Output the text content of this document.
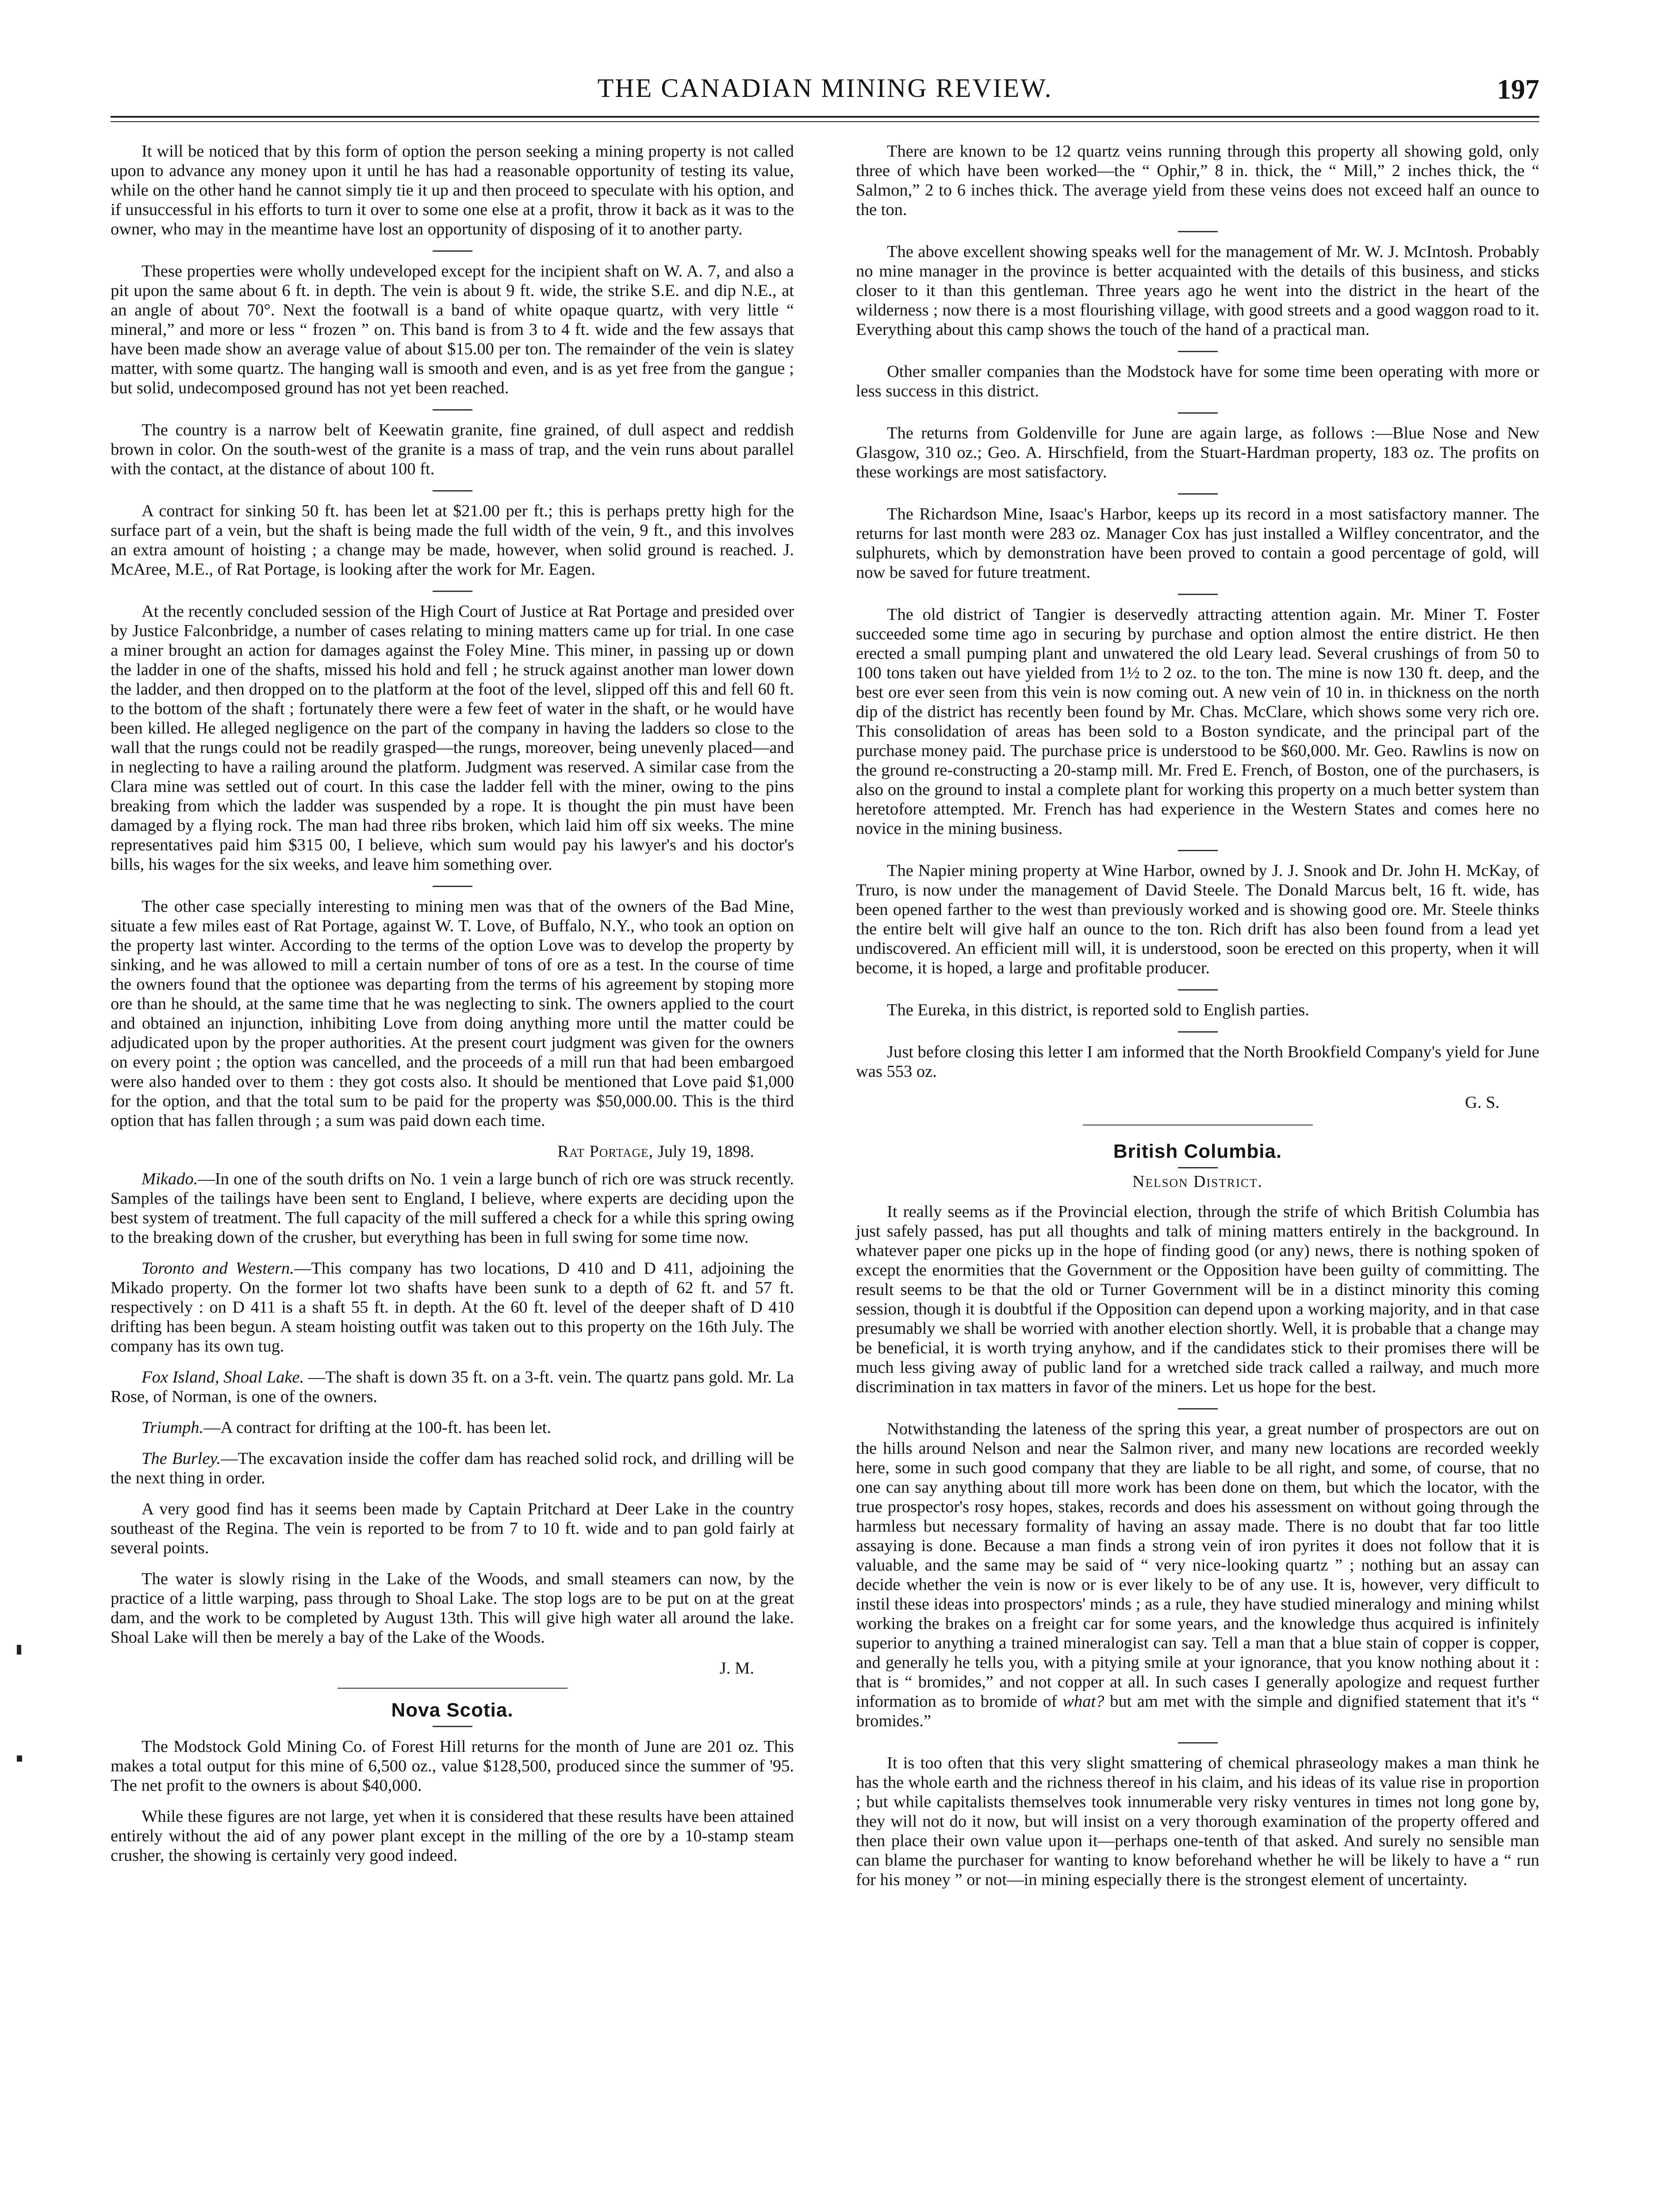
THE CANADIAN MINING REVIEW.	197

It will be noticed that by this form of option the person seeking a mining property is not called upon to advance any money upon it until he has had a reasonable opportunity of testing its value, while on the other hand he cannot simply tie it up and then proceed to speculate with his option, and if unsuccessful in his efforts to turn it over to some one else at a profit, throw it back as it was to the owner, who may in the meantime have lost an opportunity of disposing of it to another party.

These properties were wholly undeveloped except for the incipient shaft on W. A. 7, and also a pit upon the same about 6 ft. in depth. The vein is about 9 ft. wide, the strike S.E. and dip N.E., at an angle of about 70°. Next the footwall is a band of white opaque quartz, with very little “ mineral,” and more or less “ frozen ” on. This band is from 3 to 4 ft. wide and the few assays that have been made show an average value of about $15.00 per ton. The remainder of the vein is slatey matter, with some quartz. The hanging wall is smooth and even, and is as yet free from the gangue ; but solid, undecomposed ground has not yet been reached.

The country is a narrow belt of Keewatin granite, fine grained, of dull aspect and reddish brown in color. On the south-west of the granite is a mass of trap, and the vein runs about parallel with the contact, at the distance of about 100 ft.

A contract for sinking 50 ft. has been let at $21.00 per ft.; this is perhaps pretty high for the surface part of a vein, but the shaft is being made the full width of the vein, 9 ft., and this involves an extra amount of hoisting ; a change may be made, however, when solid ground is reached. J. McAree, M.E., of Rat Portage, is looking after the work for Mr. Eagen.

At the recently concluded session of the High Court of Justice at Rat Portage and presided over by Justice Falconbridge, a number of cases relating to mining matters came up for trial. In one case a miner brought an action for damages against the Foley Mine. This miner, in passing up or down the ladder in one of the shafts, missed his hold and fell ; he struck against another man lower down the ladder, and then dropped on to the platform at the foot of the level, slipped off this and fell 60 ft. to the bottom of the shaft ; fortunately there were a few feet of water in the shaft, or he would have been killed. He alleged negligence on the part of the company in having the ladders so close to the wall that the rungs could not be readily grasped—the rungs, moreover, being unevenly placed—and in neglecting to have a railing around the platform. Judgment was reserved. A similar case from the Clara mine was settled out of court. In this case the ladder fell with the miner, owing to the pins breaking from which the ladder was suspended by a rope. It is thought the pin must have been damaged by a flying rock. The man had three ribs broken, which laid him off six weeks. The mine representatives paid him $315 00, I believe, which sum would pay his lawyer's and his doctor's bills, his wages for the six weeks, and leave him something over.

The other case specially interesting to mining men was that of the owners of the Bad Mine, situate a few miles east of Rat Portage, against W. T. Love, of Buffalo, N.Y., who took an option on the property last winter. According to the terms of the option Love was to develop the property by sinking, and he was allowed to mill a certain number of tons of ore as a test. In the course of time the owners found that the optionee was departing from the terms of his agreement by stoping more ore than he should, at the same time that he was neglecting to sink. The owners applied to the court and obtained an injunction, inhibiting Love from doing anything more until the matter could be adjudicated upon by the proper authorities. At the present court judgment was given for the owners on every point ; the option was cancelled, and the proceeds of a mill run that had been embargoed were also handed over to them : they got costs also. It should be mentioned that Love paid $1,000 for the option, and that the total sum to be paid for the property was $50,000.00. This is the third option that has fallen through ; a sum was paid down each time.

Rat Portage, July 19, 1898.

Mikado.—In one of the south drifts on No. 1 vein a large bunch of rich ore was struck recently. Samples of the tailings have been sent to England, I believe, where experts are deciding upon the best system of treatment. The full capacity of the mill suffered a check for a while this spring owing to the breaking down of the crusher, but everything has been in full swing for some time now.

Toronto and Western.—This company has two locations, D 410 and D 411, adjoining the Mikado property. On the former lot two shafts have been sunk to a depth of 62 ft. and 57 ft. respectively : on D 411 is a shaft 55 ft. in depth. At the 60 ft. level of the deeper shaft of D 410 drifting has been begun. A steam hoisting outfit was taken out to this property on the 16th July. The company has its own tug.

Fox Island, Shoal Lake. —The shaft is down 35 ft. on a 3-ft. vein. The quartz pans gold. Mr. La Rose, of Norman, is one of the owners.

Triumph.—A contract for drifting at the 100-ft. has been let.

The Burley.—The excavation inside the coffer dam has reached solid rock, and drilling will be the next thing in order.

A very good find has it seems been made by Captain Pritchard at Deer Lake in the country southeast of the Regina. The vein is reported to be from 7 to 10 ft. wide and to pan gold fairly at several points.

The water is slowly rising in the Lake of the Woods, and small steamers can now, by the practice of a little warping, pass through to Shoal Lake. The stop logs are to be put on at the great dam, and the work to be completed by August 13th. This will give high water all around the lake. Shoal Lake will then be merely a bay of the Lake of the Woods.

J. M.
Nova Scotia.

The Modstock Gold Mining Co. of Forest Hill returns for the month of June are 201 oz. This makes a total output for this mine of 6,500 oz., value $128,500, produced since the summer of '95. The net profit to the owners is about $40,000.

While these figures are not large, yet when it is considered that these results have been attained entirely without the aid of any power plant except in the milling of the ore by a 10-stamp steam crusher, the showing is certainly very good indeed.

There are known to be 12 quartz veins running through this property all showing gold, only three of which have been worked—the “ Ophir,” 8 in. thick, the “ Mill,” 2 inches thick, the “ Salmon,” 2 to 6 inches thick. The average yield from these veins does not exceed half an ounce to the ton.

The above excellent showing speaks well for the management of Mr. W. J. McIntosh. Probably no mine manager in the province is better acquainted with the details of this business, and sticks closer to it than this gentleman. Three years ago he went into the district in the heart of the wilderness ; now there is a most flourishing village, with good streets and a good waggon road to it. Everything about this camp shows the touch of the hand of a practical man.

Other smaller companies than the Modstock have for some time been operating with more or less success in this district.

The returns from Goldenville for June are again large, as follows :—Blue Nose and New Glasgow, 310 oz.; Geo. A. Hirschfield, from the Stuart-Hardman property, 183 oz. The profits on these workings are most satisfactory.

The Richardson Mine, Isaac's Harbor, keeps up its record in a most satisfactory manner. The returns for last month were 283 oz. Manager Cox has just installed a Wilfley concentrator, and the sulphurets, which by demonstration have been proved to contain a good percentage of gold, will now be saved for future treatment.

The old district of Tangier is deservedly attracting attention again. Mr. Miner T. Foster succeeded some time ago in securing by purchase and option almost the entire district. He then erected a small pumping plant and unwatered the old Leary lead. Several crushings of from 50 to 100 tons taken out have yielded from 1½ to 2 oz. to the ton. The mine is now 130 ft. deep, and the best ore ever seen from this vein is now coming out. A new vein of 10 in. in thickness on the north dip of the district has recently been found by Mr. Chas. McClare, which shows some very rich ore. This consolidation of areas has been sold to a Boston syndicate, and the principal part of the purchase money paid. The purchase price is understood to be $60,000. Mr. Geo. Rawlins is now on the ground re-constructing a 20-stamp mill. Mr. Fred E. French, of Boston, one of the purchasers, is also on the ground to instal a complete plant for working this property on a much better system than heretofore attempted. Mr. French has had experience in the Western States and comes here no novice in the mining business.

The Napier mining property at Wine Harbor, owned by J. J. Snook and Dr. John H. McKay, of Truro, is now under the management of David Steele. The Donald Marcus belt, 16 ft. wide, has been opened farther to the west than previously worked and is showing good ore. Mr. Steele thinks the entire belt will give half an ounce to the ton. Rich drift has also been found from a lead yet undiscovered. An efficient mill will, it is understood, soon be erected on this property, when it will become, it is hoped, a large and profitable producer.

The Eureka, in this district, is reported sold to English parties.

Just before closing this letter I am informed that the North Brookfield Company's yield for June was 553 oz.

G. S.
British Columbia.
Nelson District.

It really seems as if the Provincial election, through the strife of which British Columbia has just safely passed, has put all thoughts and talk of mining matters entirely in the background. In whatever paper one picks up in the hope of finding good (or any) news, there is nothing spoken of except the enormities that the Government or the Opposition have been guilty of committing. The result seems to be that the old or Turner Government will be in a distinct minority this coming session, though it is doubtful if the Opposition can depend upon a working majority, and in that case presumably we shall be worried with another election shortly. Well, it is probable that a change may be beneficial, it is worth trying anyhow, and if the candidates stick to their promises there will be much less giving away of public land for a wretched side track called a railway, and much more discrimination in tax matters in favor of the miners. Let us hope for the best.

Notwithstanding the lateness of the spring this year, a great number of prospectors are out on the hills around Nelson and near the Salmon river, and many new locations are recorded weekly here, some in such good company that they are liable to be all right, and some, of course, that no one can say anything about till more work has been done on them, but which the locator, with the true prospector's rosy hopes, stakes, records and does his assessment on without going through the harmless but necessary formality of having an assay made. There is no doubt that far too little assaying is done. Because a man finds a strong vein of iron pyrites it does not follow that it is valuable, and the same may be said of “ very nice-looking quartz ” ; nothing but an assay can decide whether the vein is now or is ever likely to be of any use. It is, however, very difficult to instil these ideas into prospectors' minds ; as a rule, they have studied mineralogy and mining whilst working the brakes on a freight car for some years, and the knowledge thus acquired is infinitely superior to anything a trained mineralogist can say. Tell a man that a blue stain of copper is copper, and generally he tells you, with a pitying smile at your ignorance, that you know nothing about it : that is “ bromides,” and not copper at all. In such cases I generally apologize and request further information as to bromide of what? but am met with the simple and dignified statement that it's “ bromides.”

It is too often that this very slight smattering of chemical phraseology makes a man think he has the whole earth and the richness thereof in his claim, and his ideas of its value rise in proportion ; but while capitalists themselves took innumerable very risky ventures in times not long gone by, they will not do it now, but will insist on a very thorough examination of the property offered and then place their own value upon it—perhaps one-tenth of that asked. And surely no sensible man can blame the purchaser for wanting to know beforehand whether he will be likely to have a “ run for his money ” or not—in mining especially there is the strongest element of uncertainty.
